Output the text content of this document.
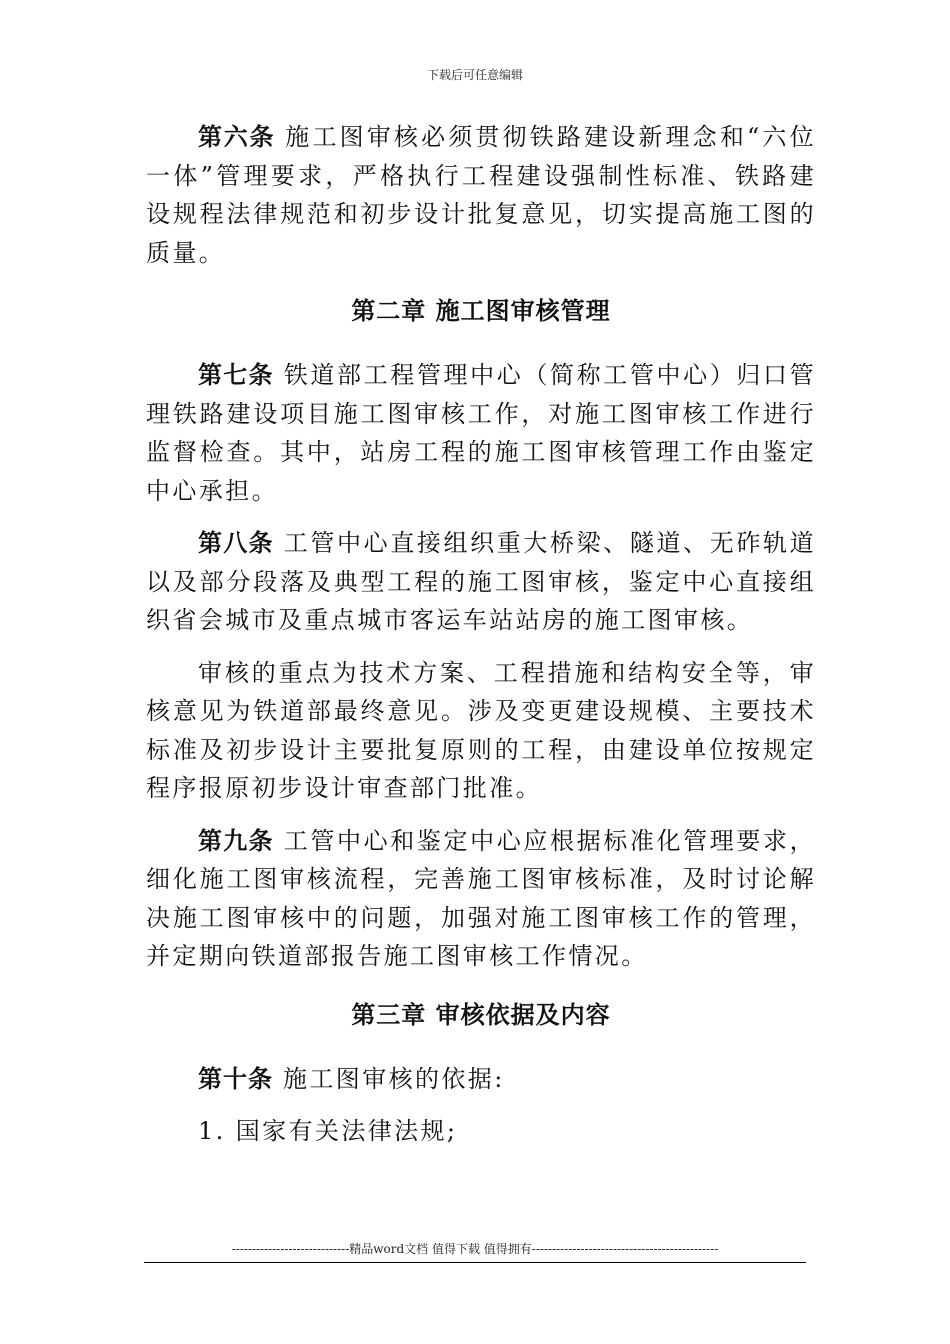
下载后可任意编辑

第六条 施工图审核必须贯彻铁路建设新理念和“六位一体”管理要求，严格执行工程建设强制性标准、铁路建设规程法律规范和初步设计批复意见，切实提高施工图的质量。

第二章 施工图审核管理

第七条 铁道部工程管理中心（简称工管中心）归口管理铁路建设项目施工图审核工作，对施工图审核工作进行监督检查。其中，站房工程的施工图审核管理工作由鉴定中心承担。

第八条 工管中心直接组织重大桥梁、隧道、无砟轨道以及部分段落及典型工程的施工图审核，鉴定中心直接组织省会城市及重点城市客运车站站房的施工图审核。

审核的重点为技术方案、工程措施和结构安全等，审核意见为铁道部最终意见。涉及变更建设规模、主要技术标准及初步设计主要批复原则的工程，由建设单位按规定程序报原初步设计审查部门批准。

第九条 工管中心和鉴定中心应根据标准化管理要求，细化施工图审核流程，完善施工图审核标准，及时讨论解决施工图审核中的问题，加强对施工图审核工作的管理，并定期向铁道部报告施工图审核工作情况。

第三章 审核依据及内容

第十条 施工图审核的依据:

1. 国家有关法律法规;

-----------------------------精品word文档 值得下载 值得拥有----------------------------------------------
